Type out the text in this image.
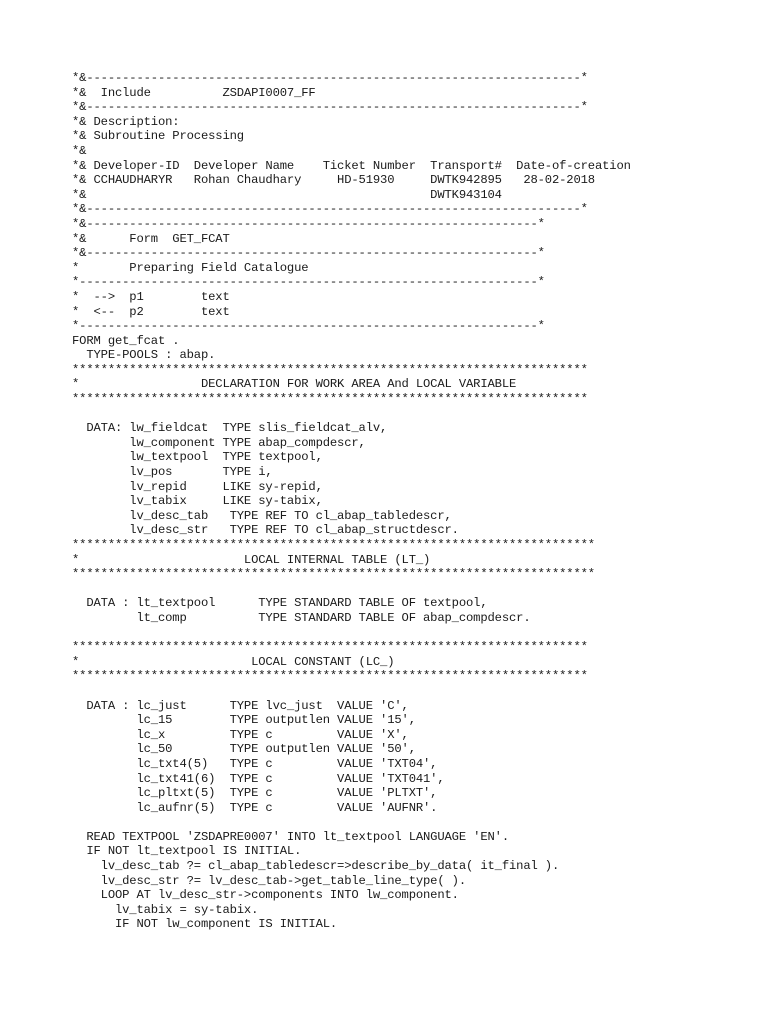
*&---------------------------------------------------------------------*
*&  Include          ZSDAPI0007_FF
*&---------------------------------------------------------------------*
*& Description:
*& Subroutine Processing
*&
*& Developer-ID  Developer Name    Ticket Number  Transport#  Date-of-creation
*& CCHAUDHARYR   Rohan Chaudhary     HD-51930     DWTK942895   28-02-2018
*&                                                DWTK943104
*&---------------------------------------------------------------------*
*&---------------------------------------------------------------*
*&      Form  GET_FCAT
*&---------------------------------------------------------------*
*       Preparing Field Catalogue
*----------------------------------------------------------------*
*  -->  p1        text
*  <--  p2        text
*----------------------------------------------------------------*
FORM get_fcat .
TYPE-POOLS : abap.
************************************************************************
*                 DECLARATION FOR WORK AREA And LOCAL VARIABLE
************************************************************************

DATA: lw_fieldcat  TYPE slis_fieldcat_alv,
lw_component TYPE abap_compdescr,
lw_textpool  TYPE textpool,
lv_pos       TYPE i,
lv_repid     LIKE sy-repid,
lv_tabix     LIKE sy-tabix,
lv_desc_tab   TYPE REF TO cl_abap_tabledescr,
lv_desc_str   TYPE REF TO cl_abap_structdescr.
*************************************************************************
*                       LOCAL INTERNAL TABLE (LT_)
*************************************************************************

DATA : lt_textpool      TYPE STANDARD TABLE OF textpool,
lt_comp          TYPE STANDARD TABLE OF abap_compdescr.

************************************************************************
*                        LOCAL CONSTANT (LC_)
************************************************************************

DATA : lc_just      TYPE lvc_just  VALUE 'C',
lc_15        TYPE outputlen VALUE '15',
lc_x         TYPE c         VALUE 'X',
lc_50        TYPE outputlen VALUE '50',
lc_txt4(5)   TYPE c         VALUE 'TXT04',
lc_txt41(6)  TYPE c         VALUE 'TXT041',
lc_pltxt(5)  TYPE c         VALUE 'PLTXT',
lc_aufnr(5)  TYPE c         VALUE 'AUFNR'.

READ TEXTPOOL 'ZSDAPRE0007' INTO lt_textpool LANGUAGE 'EN'.
IF NOT lt_textpool IS INITIAL.
lv_desc_tab ?= cl_abap_tabledescr=>describe_by_data( it_final ).
lv_desc_str ?= lv_desc_tab->get_table_line_type( ).
LOOP AT lv_desc_str->components INTO lw_component.
lv_tabix = sy-tabix.
IF NOT lw_component IS INITIAL.
